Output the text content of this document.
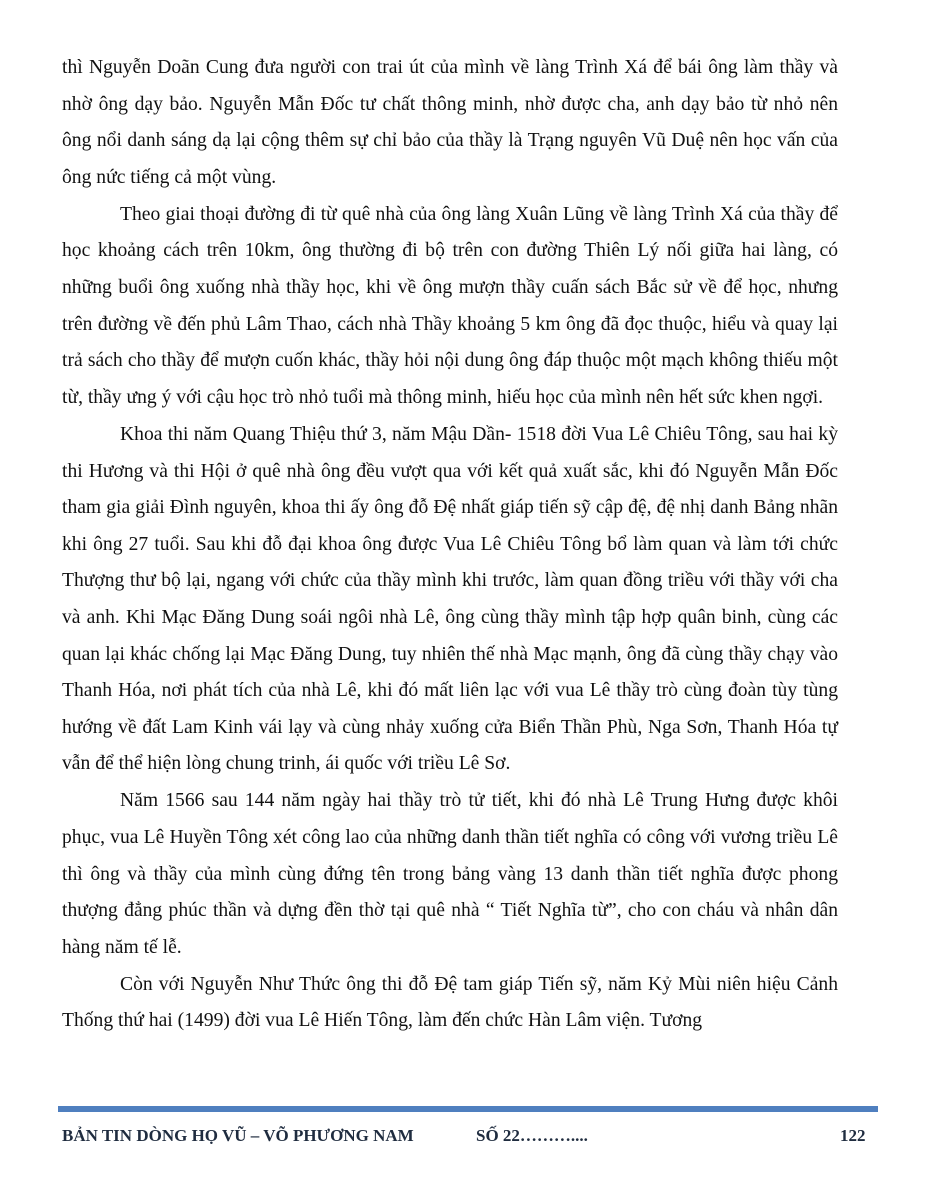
thì Nguyễn Doãn Cung đưa người con trai út của mình về làng Trình Xá để bái ông làm thầy và nhờ ông dạy bảo. Nguyễn Mẫn Đốc tư chất thông minh, nhờ được cha, anh dạy bảo từ nhỏ nên ông nổi danh sáng dạ lại cộng thêm sự chỉ bảo của thầy là Trạng nguyên Vũ Duệ nên học vấn của ông nức tiếng cả một vùng.

Theo giai thoại đường đi từ quê nhà của ông làng Xuân Lũng về làng Trình Xá của thầy để học khoảng cách trên 10km, ông thường đi bộ trên con đường Thiên Lý nối giữa hai làng, có những buổi ông xuống nhà thầy học, khi về ông mượn thầy cuấn sách Bắc sử về để học, nhưng trên đường về đến phủ Lâm Thao, cách nhà Thầy khoảng 5 km ông đã đọc thuộc, hiểu và quay lại trả sách cho thầy để mượn cuốn khác, thầy hỏi nội dung ông đáp thuộc một mạch không thiếu một từ, thầy ưng ý với cậu học trò nhỏ tuổi mà thông minh, hiếu học của mình nên hết sức khen ngợi.

Khoa thi năm Quang Thiệu thứ 3, năm Mậu Dần- 1518 đời Vua Lê Chiêu Tông, sau hai kỳ thi Hương và thi Hội ở quê nhà ông đều vượt qua với kết quả xuất sắc, khi đó Nguyễn Mẫn Đốc tham gia giải Đình nguyên, khoa thi ấy ông đỗ Đệ nhất giáp tiến sỹ cập đệ, đệ nhị danh Bảng nhãn khi ông 27 tuổi. Sau khi đỗ đại khoa ông được Vua Lê Chiêu Tông bổ làm quan và làm tới chức Thượng thư bộ lại, ngang với chức của thầy mình khi trước, làm quan đồng triều với thầy với cha và anh. Khi Mạc Đăng Dung soái ngôi nhà Lê, ông cùng thầy mình tập hợp quân binh, cùng các quan lại khác chống lại Mạc Đăng Dung, tuy nhiên thế nhà Mạc mạnh, ông đã cùng thầy chạy vào Thanh Hóa, nơi phát tích của nhà Lê, khi đó mất liên lạc với vua Lê thầy trò cùng đoàn tùy tùng hướng về đất Lam Kinh vái lạy và cùng nhảy xuống cửa Biển Thần Phù, Nga Sơn, Thanh Hóa tự vẫn để thể hiện lòng chung trinh, ái quốc với triều Lê Sơ.

Năm 1566 sau 144 năm ngày hai thầy trò tử tiết, khi đó nhà Lê Trung Hưng được khôi phục, vua Lê Huyền Tông xét công lao của những danh thần tiết nghĩa có công với vương triều Lê thì ông và thầy của mình cùng đứng tên trong bảng vàng 13 danh thần tiết nghĩa được phong thượng đẳng phúc thần và dựng đền thờ tại quê nhà “ Tiết Nghĩa từ”, cho con cháu và nhân dân hàng năm tế lễ.

Còn với Nguyễn Như Thức ông thi đỗ Đệ tam giáp Tiến sỹ, năm Kỷ Mùi niên hiệu Cảnh Thống thứ hai (1499) đời vua Lê Hiến Tông, làm đến chức Hàn Lâm viện. Tương

BẢN TIN DÒNG HỌ VŨ – VÕ PHƯƠNG NAM	SỐ 22………....	122
